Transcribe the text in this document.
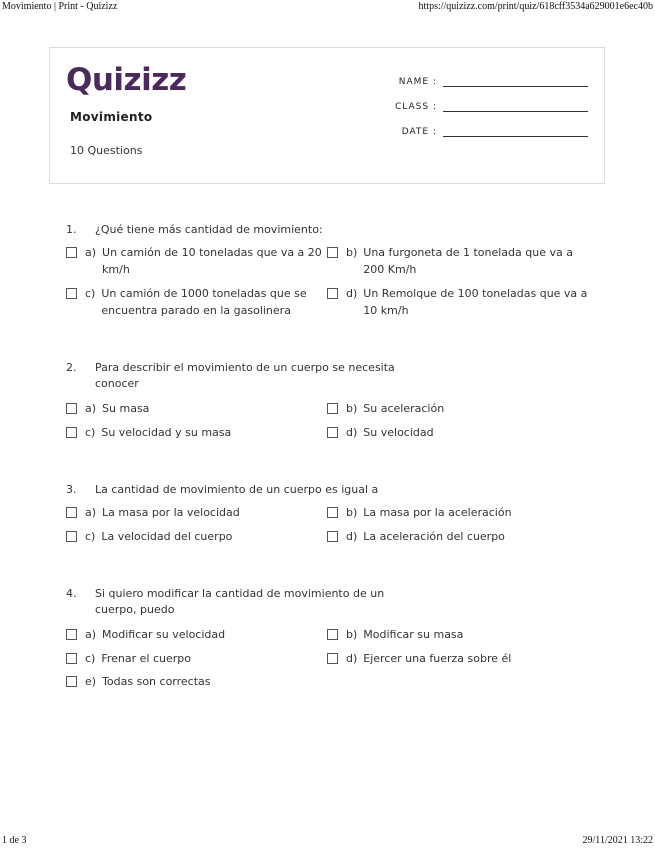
Movimiento | Print - Quizizz	https://quizizz.com/print/quiz/618cff3534a629001e6ec40b
Quizizz
Movimiento
10 Questions
NAME :
CLASS :
DATE :
1. ¿Qué tiene más cantidad de movimiento:
a) Un camión de 10 toneladas que va a 20 km/h
b) Una furgoneta de 1 tonelada que va a 200 Km/h
c) Un camión de 1000 toneladas que se encuentra parado en la gasolinera
d) Un Remolque de 100 toneladas que va a 10 km/h
2. Para describir el movimiento de un cuerpo se necesita conocer
a) Su masa	b) Su aceleración
c) Su velocidad y su masa	d) Su velocidad
3. La cantidad de movimiento de un cuerpo es igual a
a) La masa por la velocidad	b) La masa por la aceleración
c) La velocidad del cuerpo	d) La aceleración del cuerpo
4. Si quiero modificar la cantidad de movimiento de un cuerpo, puedo
a) Modificar su velocidad	b) Modificar su masa
c) Frenar el cuerpo	d) Ejercer una fuerza sobre él
e) Todas son correctas
1 de 3	29/11/2021 13:22
